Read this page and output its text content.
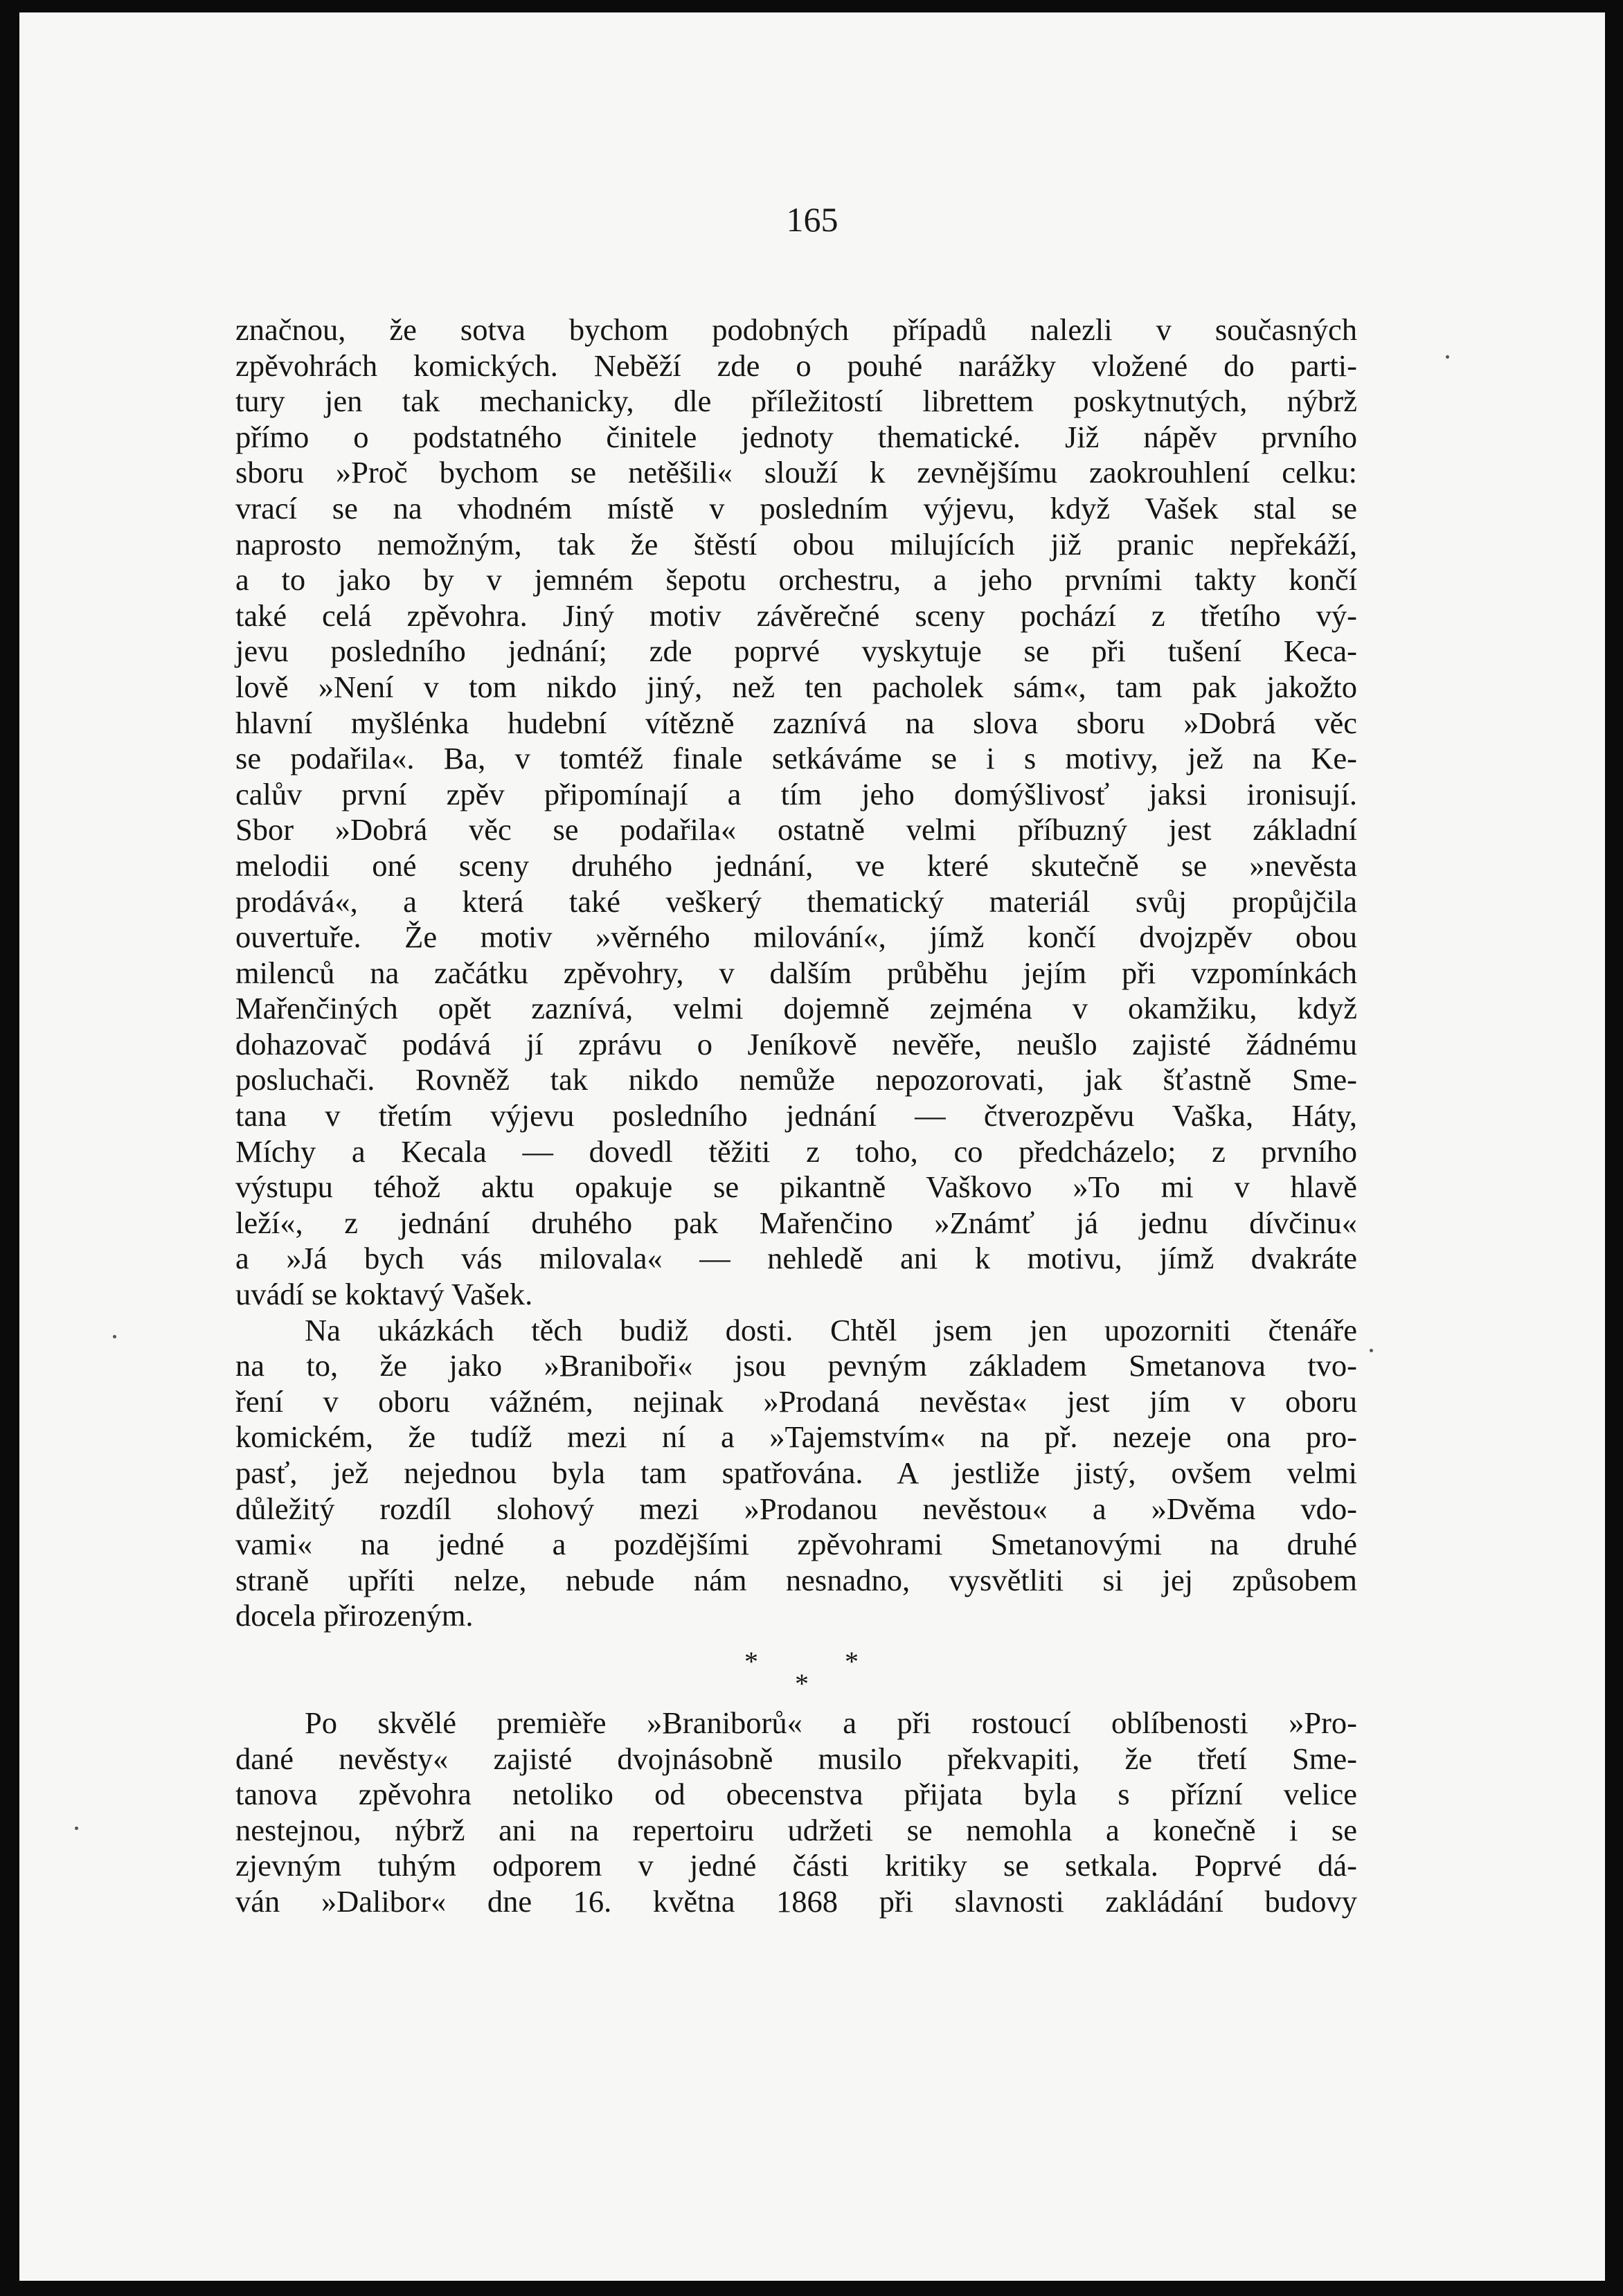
165
značnou, že sotva bychom podobných případů nalezli v současných
zpěvohrách komických. Neběží zde o pouhé narážky vložené do parti-
tury jen tak mechanicky, dle příležitostí librettem poskytnutých, nýbrž
přímo o podstatného činitele jednoty thematické. Již nápěv prvního
sboru »Proč bychom se netěšili« slouží k zevnějšímu zaokrouhlení celku:
vrací se na vhodném místě v posledním výjevu, když Vašek stal se
naprosto nemožným, tak že štěstí obou milujících již pranic nepřekáží,
a to jako by v jemném šepotu orchestru, a jeho prvními takty končí
také celá zpěvohra. Jiný motiv závěrečné sceny pochází z třetího vý-
jevu posledního jednání; zde poprvé vyskytuje se při tušení Keca-
lově »Není v tom nikdo jiný, než ten pacholek sám«, tam pak jakožto
hlavní myšlénka hudební vítězně zaznívá na slova sboru »Dobrá věc
se podařila«. Ba, v tomtéž finale setkáváme se i s motivy, jež na Ke-
calův první zpěv připomínají a tím jeho domýšlivosť jaksi ironisují.
Sbor »Dobrá věc se podařila« ostatně velmi příbuzný jest základní
melodii oné sceny druhého jednání, ve které skutečně se »nevěsta
prodává«, a která také veškerý thematický materiál svůj propůjčila
ouvertuře. Že motiv »věrného milování«, jímž končí dvojzpěv obou
milenců na začátku zpěvohry, v dalším průběhu jejím při vzpomínkách
Mařenčiných opět zaznívá, velmi dojemně zejména v okamžiku, když
dohazovač podává jí zprávu o Jeníkově nevěře, neušlo zajisté žádnému
posluchači. Rovněž tak nikdo nemůže nepozorovati, jak šťastně Sme-
tana v třetím výjevu posledního jednání — čtverozpěvu Vaška, Háty,
Míchy a Kecala — dovedl těžiti z toho, co předcházelo; z prvního
výstupu téhož aktu opakuje se pikantně Vaškovo »To mi v hlavě
leží«, z jednání druhého pak Mařenčino »Známť já jednu dívčinu«
a »Já bych vás milovala« — nehledě ani k motivu, jímž dvakráte
uvádí se koktavý Vašek.
Na ukázkách těch budiž dosti. Chtěl jsem jen upozorniti čtenáře
na to, že jako »Braniboři« jsou pevným základem Smetanova tvo-
ření v oboru vážném, nejinak »Prodaná nevěsta« jest jím v oboru
komickém, že tudíž mezi ní a »Tajemstvím« na př. nezeje ona pro-
pasť, jež nejednou byla tam spatřována. A jestliže jistý, ovšem velmi
důležitý rozdíl slohový mezi »Prodanou nevěstou« a »Dvěma vdo-
vami« na jedné a pozdějšími zpěvohrami Smetanovými na druhé
straně upříti nelze, nebude nám nesnadno, vysvětliti si jej způsobem
docela přirozeným.
*	*
*
Po skvělé premièře »Braniborů« a při rostoucí oblíbenosti »Pro-
dané nevěsty« zajisté dvojnásobně musilo překvapiti, že třetí Sme-
tanova zpěvohra netoliko od obecenstva přijata byla s přízní velice
nestejnou, nýbrž ani na repertoiru udržeti se nemohla a konečně i se
zjevným tuhým odporem v jedné části kritiky se setkala. Poprvé dá-
ván »Dalibor« dne 16. května 1868 při slavnosti zakládání budovy
